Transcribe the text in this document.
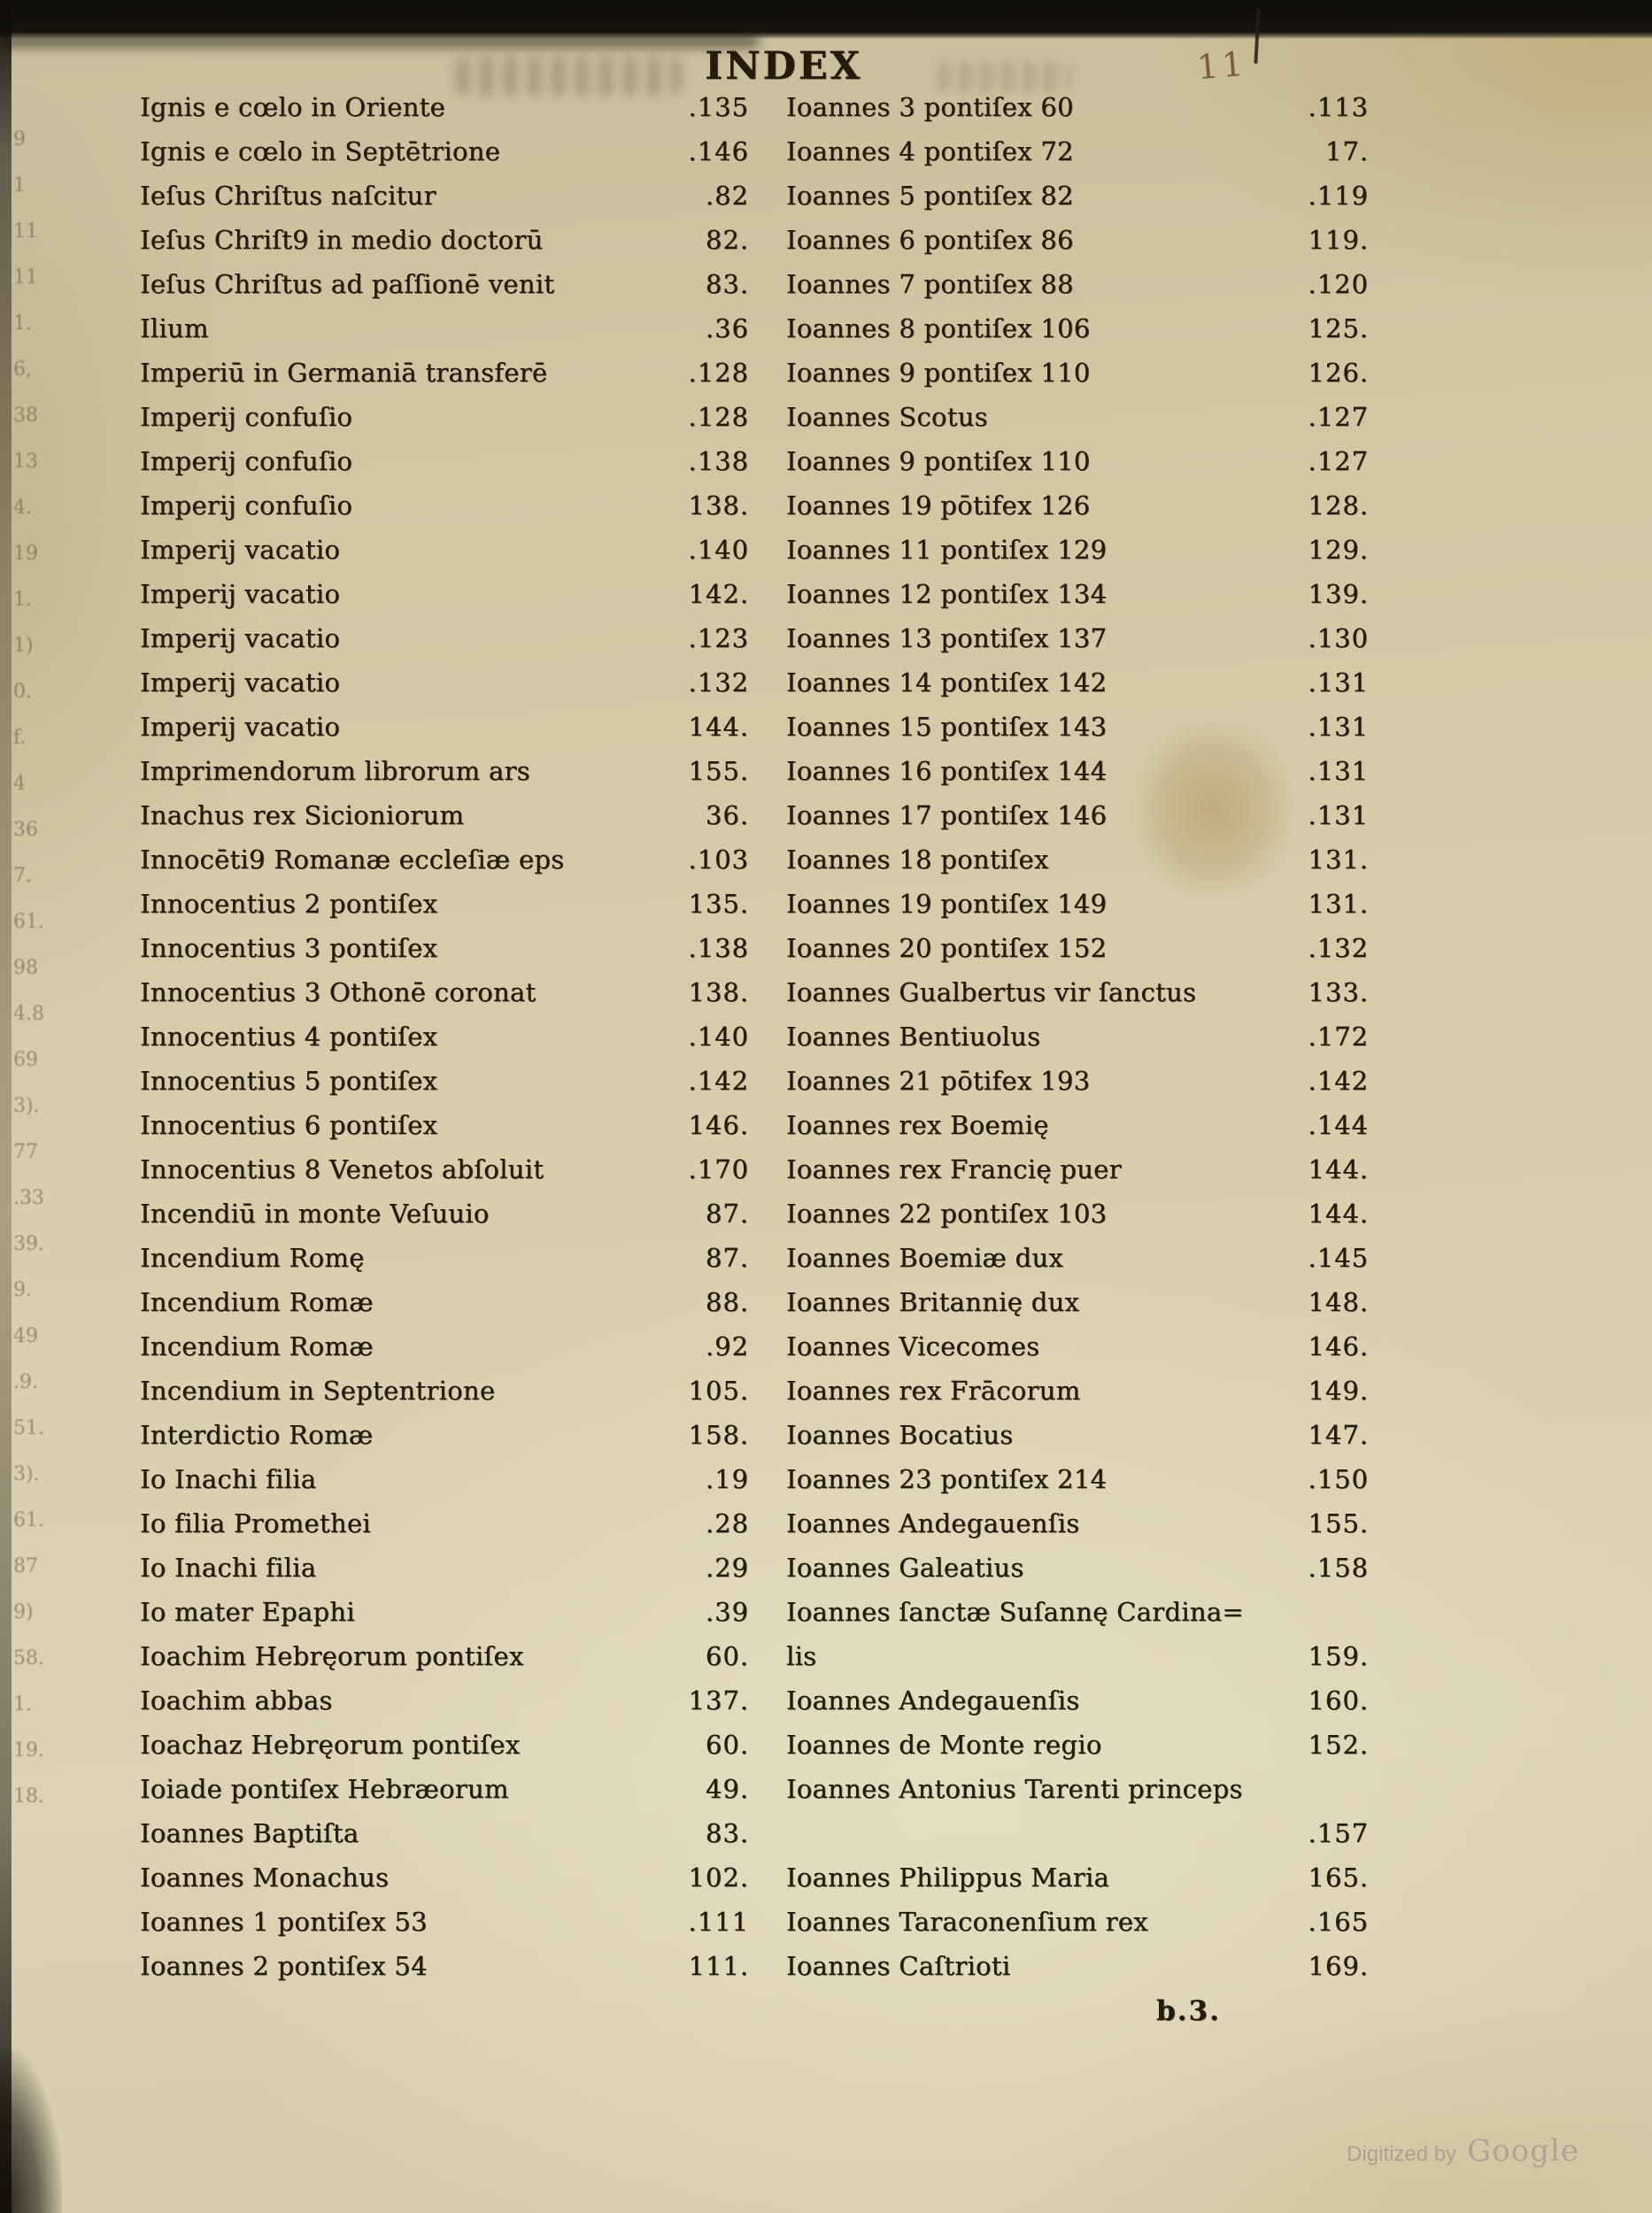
INDEX	11
Ignis e cœlo in Oriente	.135
Ignis e cœlo in Septētrione	.146
Ieſus Chriſtus naſcitur	.82
Ieſus Chriſt9 in medio doctorū	82.
Ieſus Chriſtus ad paſſionē venit	83.
Ilium	.36
Imperiū in Germaniā transferē	.128
Imperij confuſio	.128
Imperij confuſio	.138
Imperij confuſio	138.
Imperij vacatio	.140
Imperij vacatio	142.
Imperij vacatio	.123
Imperij vacatio	.132
Imperij vacatio	144.
Imprimendorum librorum ars	155.
Inachus rex Sicioniorum	36.
Innocēti9 Romanæ eccleſiæ eps	.103
Innocentius 2 pontiſex	135.
Innocentius 3 pontiſex	.138
Innocentius 3 Othonē coronat	138.
Innocentius 4 pontiſex	.140
Innocentius 5 pontiſex	.142
Innocentius 6 pontiſex	146.
Innocentius 8 Venetos abſoluit	.170
Incendiū in monte Veſuuio	87.
Incendium Romę	87.
Incendium Romæ	88.
Incendium Romæ	.92
Incendium in Septentrione	105.
Interdictio Romæ	158.
Io Inachi filia	.19
Io filia Promethei	.28
Io Inachi filia	.29
Io mater Epaphi	.39
Ioachim Hebręorum pontiſex	60.
Ioachim abbas	137.
Ioachaz Hebręorum pontiſex	60.
Ioiade pontiſex Hebræorum	49.
Ioannes Baptiſta	83.
Ioannes Monachus	102.
Ioannes 1 pontiſex 53	.111
Ioannes 2 pontiſex 54	111.
Ioannes 3 pontiſex 60	.113
Ioannes 4 pontiſex 72	17.
Ioannes 5 pontiſex 82	.119
Ioannes 6 pontiſex 86	119.
Ioannes 7 pontiſex 88	.120
Ioannes 8 pontiſex 106	125.
Ioannes 9 pontiſex 110	126.
Ioannes Scotus	.127
Ioannes 9 pontiſex 110	.127
Ioannes 19 pōtifex 126	128.
Ioannes 11 pontiſex 129	129.
Ioannes 12 pontiſex 134	139.
Ioannes 13 pontiſex 137	.130
Ioannes 14 pontiſex 142	.131
Ioannes 15 pontiſex 143	.131
Ioannes 16 pontiſex 144	.131
Ioannes 17 pontiſex 146	.131
Ioannes 18 pontiſex	131.
Ioannes 19 pontiſex 149	131.
Ioannes 20 pontiſex 152	.132
Ioannes Gualbertus vir ſanctus	133.
Ioannes Bentiuolus	.172
Ioannes 21 pōtifex 193	.142
Ioannes rex Boemię	.144
Ioannes rex Francię puer	144.
Ioannes 22 pontiſex 103	144.
Ioannes Boemiæ dux	.145
Ioannes Britannię dux	148.
Ioannes Vicecomes	146.
Ioannes rex Frācorum	149.
Ioannes Bocatius	147.
Ioannes 23 pontiſex 214	.150
Ioannes Andegauenſis	155.
Ioannes Galeatius	.158
Ioannes ſanctæ Suſannę Cardina=
lis	159.
Ioannes Andegauenſis	160.
Ioannes de Monte regio	152.
Ioannes Antonius Tarenti princeps
.157
Ioannes Philippus Maria	165.
Ioannes Taraconenſium rex	.165
Ioannes Caſtrioti	169.
9
1
11
11
1.
6,
38
13
4.
19
1.
1)
0.
f.
4
36
7.
61.
98
4.8
69
3).
77
.33
39.
9.
49
.9.
51.
3).
61.
87
9)
58.
1.
19.
18.
b.3.
Digitized by Google
